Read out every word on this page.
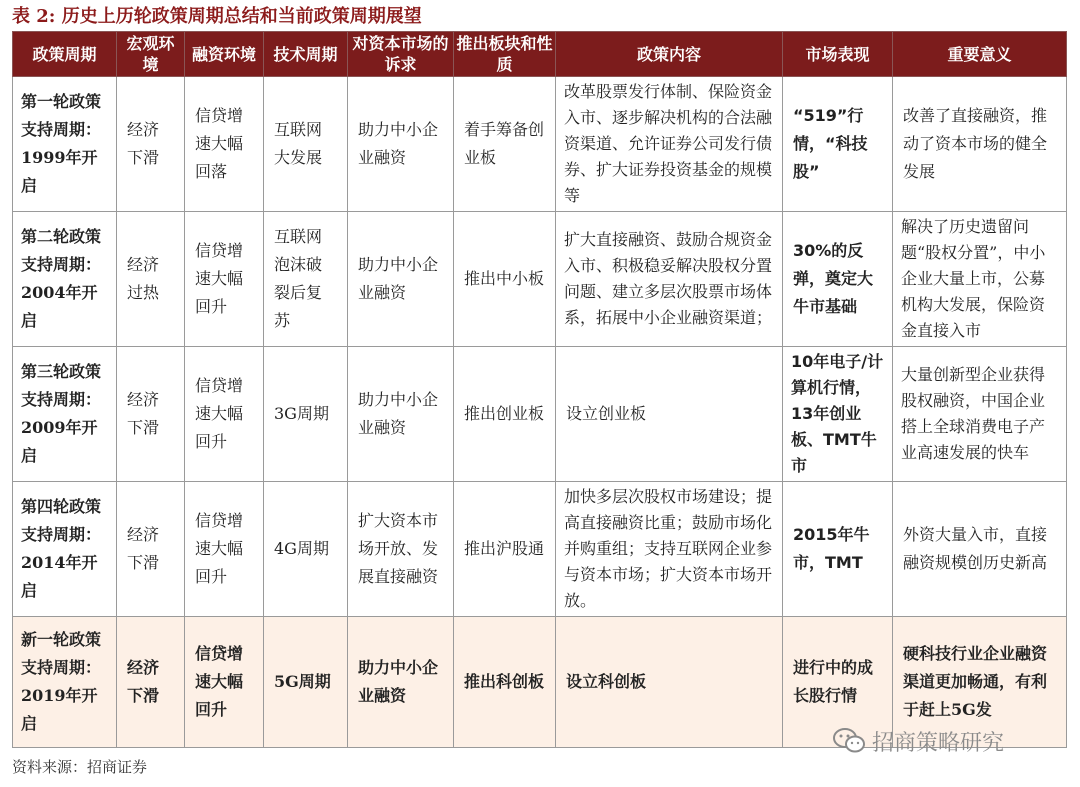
表 2: 历史上历轮政策周期总结和当前政策周期展望
政策周期	宏观环境	融资环境	技术周期	对资本市场的诉求	推出板块和性质	政策内容	市场表现	重要意义
第一轮政策支持周期：1999年开启	经济下滑	信贷增速大幅回落	互联网大发展	助力中小企业融资	着手筹备创业板	改革股票发行体制、保险资金入市、逐步解决机构的合法融资渠道、允许证券公司发行债券、扩大证券投资基金的规模等	“519”行情，“科技股”	改善了直接融资，推动了资本市场的健全发展
第二轮政策支持周期：2004年开启	经济过热	信贷增速大幅回升	互联网泡沫破裂后复苏	助力中小企业融资	推出中小板	扩大直接融资、鼓励合规资金入市、积极稳妥解决股权分置问题、建立多层次股票市场体系，拓展中小企业融资渠道；	30%的反弹，奠定大牛市基础	解决了历史遗留问题“股权分置”，中小企业大量上市，公募机构大发展，保险资金直接入市
第三轮政策支持周期：2009年开启	经济下滑	信贷增速大幅回升	3G周期	助力中小企业融资	推出创业板	设立创业板	10年电子/计算机行情，13年创业板、TMT牛市	大量创新型企业获得股权融资，中国企业搭上全球消费电子产业高速发展的快车
第四轮政策支持周期：2014年开启	经济下滑	信贷增速大幅回升	4G周期	扩大资本市场开放、发展直接融资	推出沪股通	加快多层次股权市场建设；提高直接融资比重；鼓励市场化并购重组；支持互联网企业参与资本市场；扩大资本市场开放。	2015年牛市，TMT	外资大量入市，直接融资规模创历史新高
新一轮政策支持周期：2019年开启	经济下滑	信贷增速大幅回升	5G周期	助力中小企业融资	推出科创板	设立科创板	进行中的成长股行情	硬科技行业企业融资渠道更加畅通，有利于赶上5G发
资料来源：招商证券
招商策略研究
